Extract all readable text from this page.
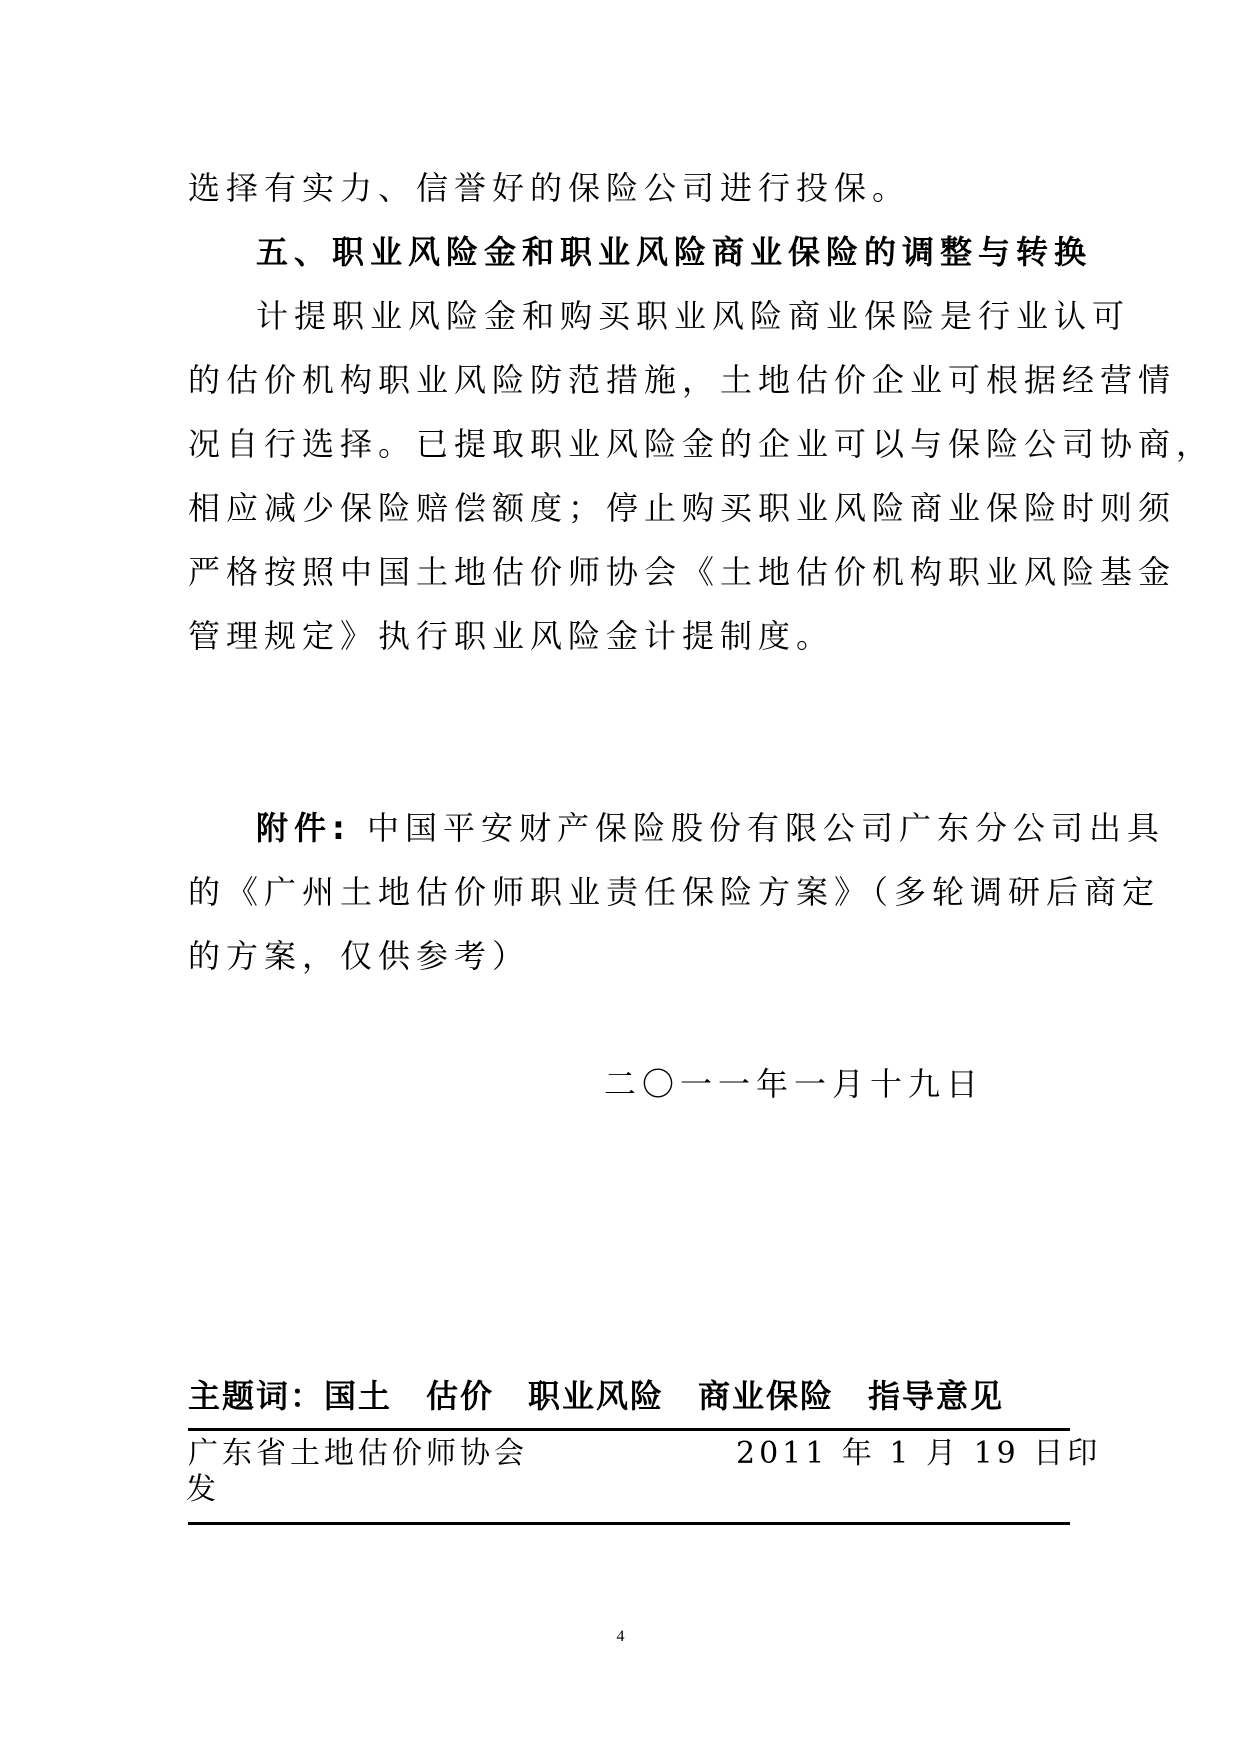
选择有实力、信誉好的保险公司进行投保。
五、职业风险金和职业风险商业保险的调整与转换
计提职业风险金和购买职业风险商业保险是行业认可
的估价机构职业风险防范措施，土地估价企业可根据经营情
况自行选择。已提取职业风险金的企业可以与保险公司协商，
相应减少保险赔偿额度；停止购买职业风险商业保险时则须
严格按照中国土地估价师协会《土地估价机构职业风险基金
管理规定》执行职业风险金计提制度。
附件: 中国平安财产保险股份有限公司广东分公司出具
的《广州土地估价师职业责任保险方案》（多轮调研后商定
的方案，仅供参考）
二〇一一年一月十九日
主题词：国土　估价　职业风险　商业保险　指导意见
广东省土地估价师协会	2011 年 1 月 19 日印
发
4
